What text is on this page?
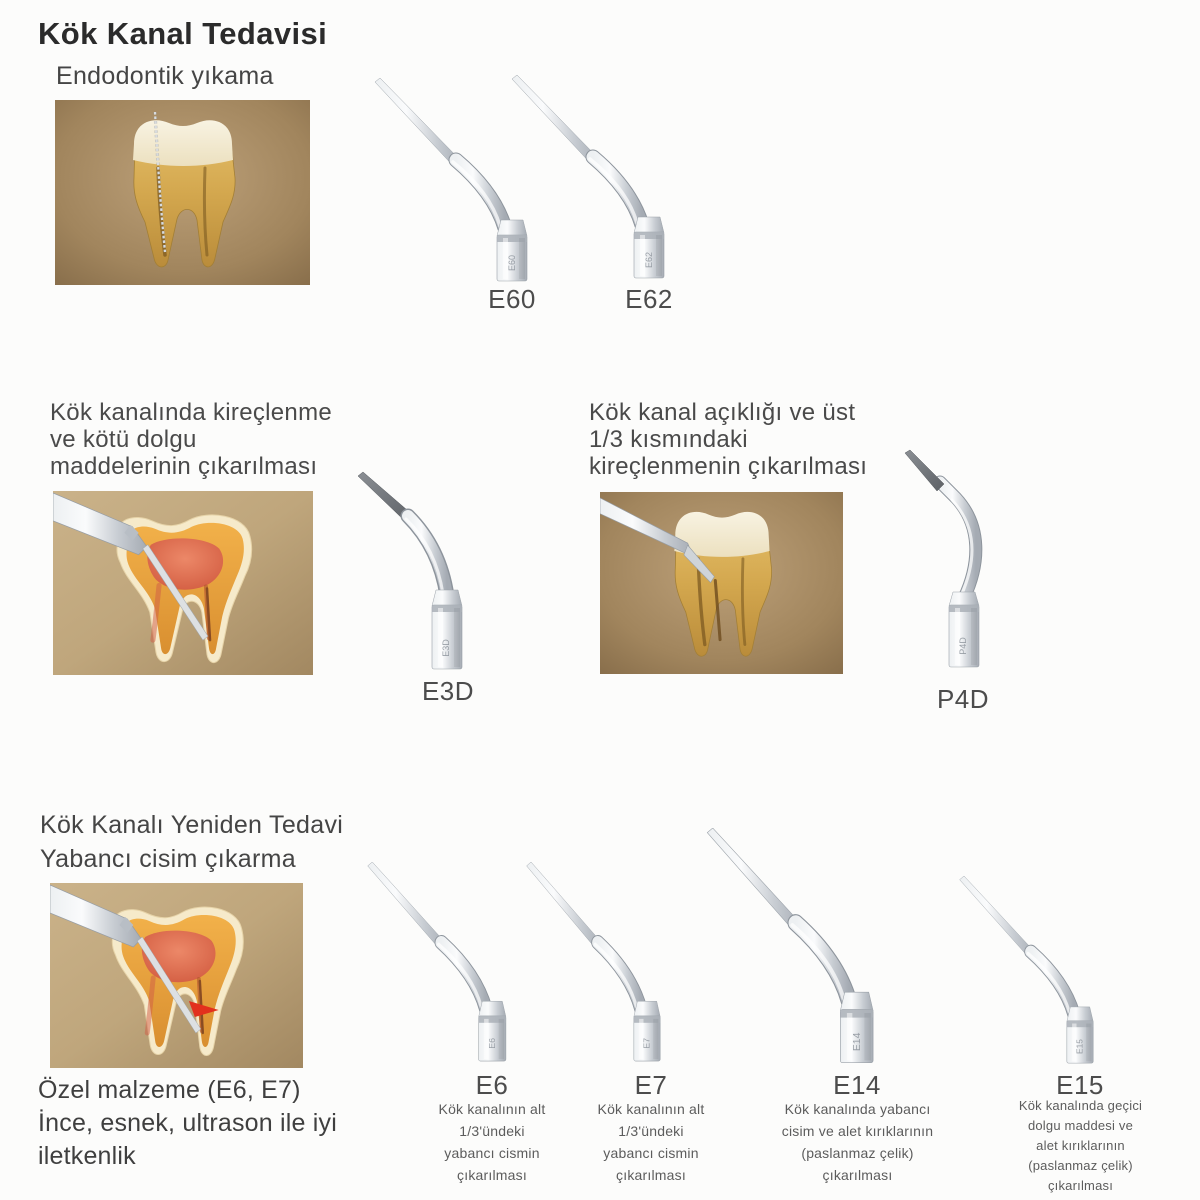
Kök Kanal Tedavisi
Endodontik yıkama
E60	E62
E60	E62
Kök kanalında kireçlenme
ve kötü dolgu
maddelerinin çıkarılması
E3D
E3D
Kök kanal açıklığı ve üst
1/3 kısmındaki
kireçlenmenin çıkarılması
P4D
P4D
Kök Kanalı Yeniden Tedavi
Yabancı cisim çıkarma
E6	E7	E14	E15
E6	E7	E14	E15
Kök kanalının alt
1/3'ündeki
yabancı cismin
çıkarılması
Kök kanalının alt
1/3'ündeki
yabancı cismin
çıkarılması
Kök kanalında yabancı
cisim ve alet kırıklarının
(paslanmaz çelik)
çıkarılması
Kök kanalında geçici
dolgu maddesi ve
alet kırıklarının
(paslanmaz çelik)
çıkarılması
Özel malzeme (E6, E7)
İnce, esnek, ultrason ile iyi
iletkenlik
